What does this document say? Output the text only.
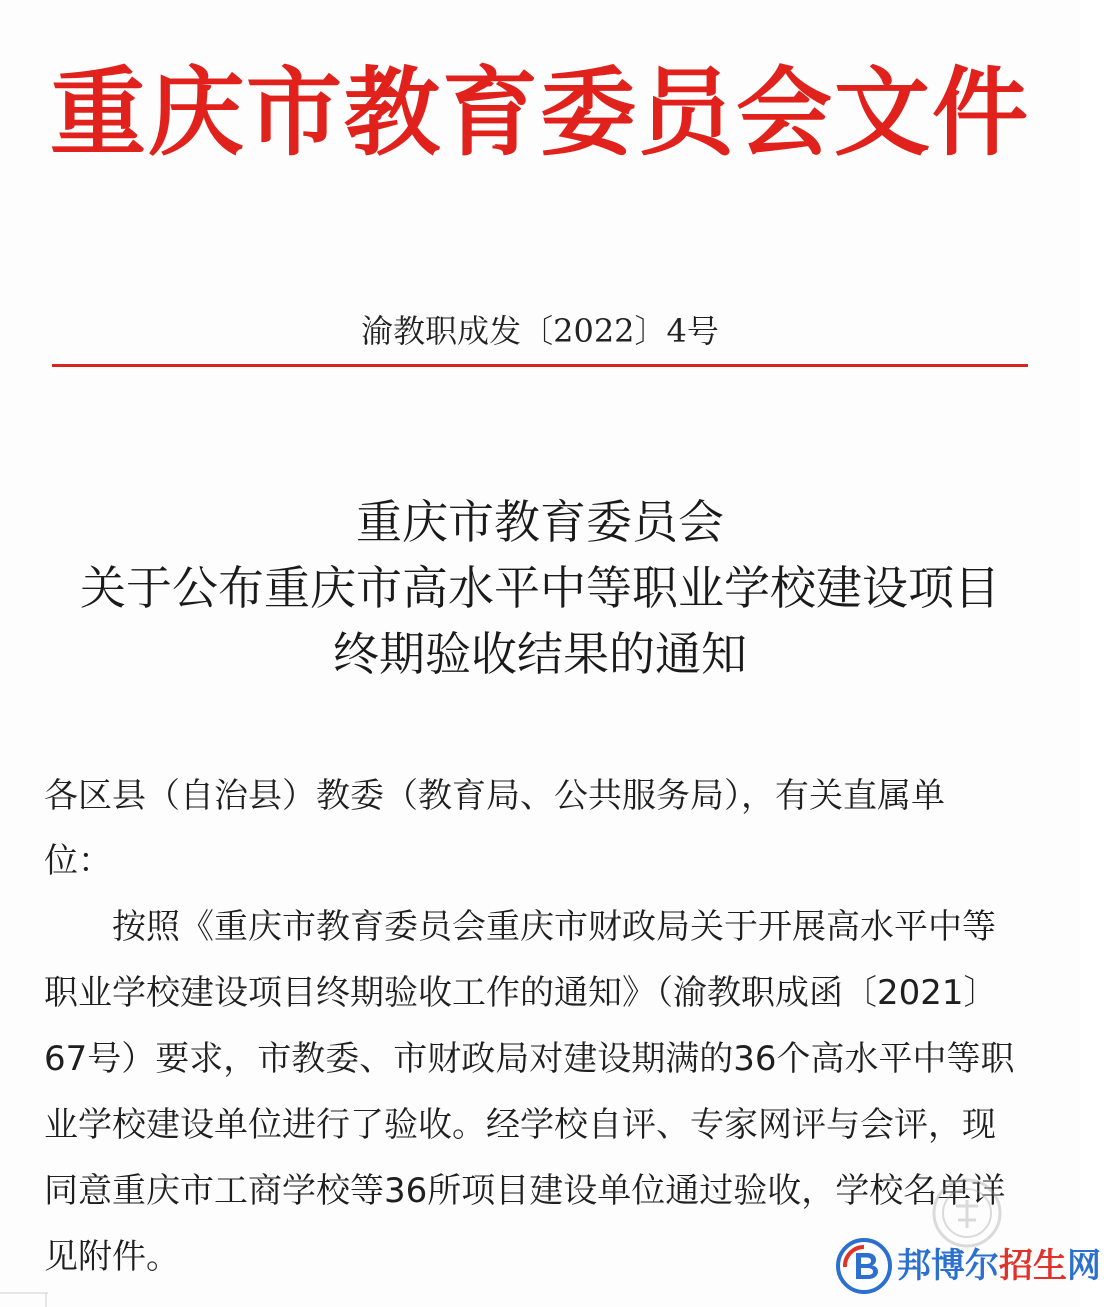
重庆市教育委员会文件
渝教职成发〔2022〕4号
重庆市教育委员会
关于公布重庆市高水平中等职业学校建设项目
终期验收结果的通知
各区县（自治县）教委（教育局、公共服务局），有关直属单
位：
按照《重庆市教育委员会重庆市财政局关于开展高水平中等
职业学校建设项目终期验收工作的通知》（渝教职成函〔2021〕
67号）要求，市教委、市财政局对建设期满的36个高水平中等职
业学校建设单位进行了验收。经学校自评、专家网评与会评，现
同意重庆市工商学校等36所项目建设单位通过验收，学校名单详
见附件。	邦博尔招生网
